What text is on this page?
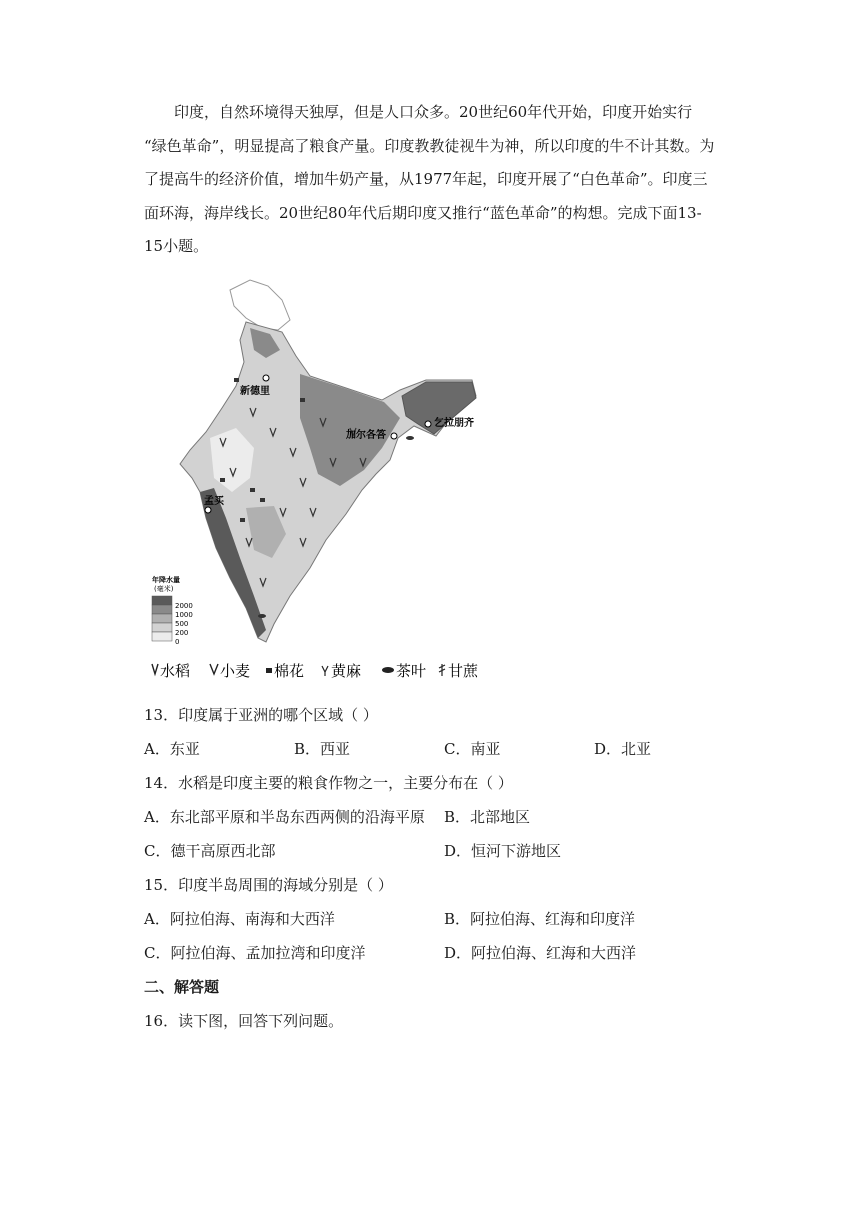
印度，自然环境得天独厚，但是人口众多。20世纪60年代开始，印度开始实行 “绿色革命”，明显提高了粮食产量。印度教教徒视牛为神，所以印度的牛不计其数。为了提高牛的经济价值，增加牛奶产量，从1977年起，印度开展了“白色革命”。印度三面环海，海岸线长。20世纪80年代后期印度又推行“蓝色革命”的构想。完成下面13-15小题。
新德里
乞拉朋齐
加尔各答
孟买
年降水量
(毫米)
2000
1000
500
200
0
水稻 小麦 棉花 黄麻 茶叶 甘蔗
13．印度属于亚洲的哪个区域（ ）
A．东亚	B．西亚	C．南亚	D．北亚
14．水稻是印度主要的粮食作物之一，主要分布在（ ）
A．东北部平原和半岛东西两侧的沿海平原 B．北部地区
C．德干高原西北部	D．恒河下游地区
15．印度半岛周围的海域分别是（ ）
A．阿拉伯海、南海和大西洋	B．阿拉伯海、红海和印度洋
C．阿拉伯海、孟加拉湾和印度洋	D．阿拉伯海、红海和大西洋
二、解答题
16．读下图，回答下列问题。
